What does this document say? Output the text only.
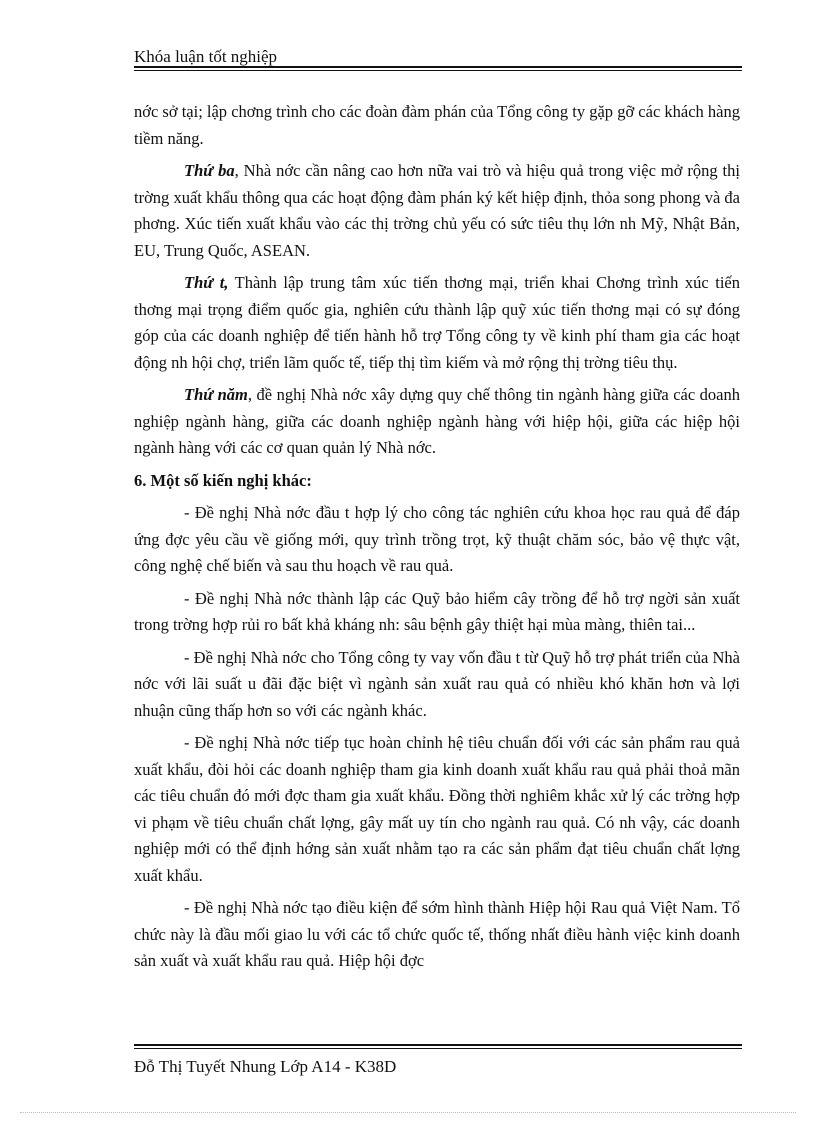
Khóa luận tốt nghiệp

nớc sở tại; lập chơng trình cho các đoàn đàm phán của Tổng công ty gặp gỡ các khách hàng tiềm năng.

Thứ ba, Nhà nớc cần nâng cao hơn nữa vai trò và hiệu quả trong việc mở rộng thị trờng xuất khẩu thông qua các hoạt động đàm phán ký kết hiệp định, thỏa song phong và đa phơng. Xúc tiến xuất khẩu vào các thị trờng chủ yếu có sức tiêu thụ lớn nh Mỹ, Nhật Bản, EU, Trung Quốc, ASEAN.

Thứ t, Thành lập trung tâm xúc tiến thơng mại, triển khai Chơng trình xúc tiến thơng mại trọng điểm quốc gia, nghiên cứu thành lập quỹ xúc tiến thơng mại có sự đóng góp của các doanh nghiệp để tiến hành hỗ trợ Tổng công ty về kinh phí tham gia các hoạt động nh hội chợ, triển lãm quốc tế, tiếp thị tìm kiếm và mở rộng thị trờng tiêu thụ.

Thứ năm, đề nghị Nhà nớc xây dựng quy chế thông tin ngành hàng giữa các doanh nghiệp ngành hàng, giữa các doanh nghiệp ngành hàng với hiệp hội, giữa các hiệp hội ngành hàng với các cơ quan quản lý Nhà nớc.

6. Một số kiến nghị khác:

- Đề nghị Nhà nớc đầu t hợp lý cho công tác nghiên cứu khoa học rau quả để đáp ứng đợc yêu cầu về giống mới, quy trình trồng trọt, kỹ thuật chăm sóc, bảo vệ thực vật, công nghệ chế biến và sau thu hoạch về rau quả.

- Đề nghị Nhà nớc thành lập các Quỹ bảo hiểm cây trồng để hỗ trợ ngời sản xuất trong trờng hợp rủi ro bất khả kháng nh: sâu bệnh gây thiệt hại mùa màng, thiên tai...

- Đề nghị Nhà nớc cho Tổng công ty vay vốn đầu t từ Quỹ hỗ trợ phát triển của Nhà nớc với lãi suất u đãi đặc biệt vì ngành sản xuất rau quả có nhiều khó khăn hơn và lợi nhuận cũng thấp hơn so với các ngành khác.

- Đề nghị Nhà nớc tiếp tục hoàn chỉnh hệ tiêu chuẩn đối với các sản phẩm rau quả xuất khẩu, đòi hỏi các doanh nghiệp tham gia kinh doanh xuất khẩu rau quả phải thoả mãn các tiêu chuẩn đó mới đợc tham gia xuất khẩu. Đồng thời nghiêm khắc xử lý các trờng hợp vi phạm về tiêu chuẩn chất lợng, gây mất uy tín cho ngành rau quả. Có nh vậy, các doanh nghiệp mới có thể định hớng sản xuất nhằm tạo ra các sản phẩm đạt tiêu chuẩn chất lợng xuất khẩu.

- Đề nghị Nhà nớc tạo điều kiện để sớm hình thành Hiệp hội Rau quả Việt Nam. Tổ chức này là đầu mối giao lu với các tổ chức quốc tế, thống nhất điều hành việc kinh doanh sản xuất và xuất khẩu rau quả. Hiệp hội đợc

Đỗ Thị Tuyết Nhung Lớp A14 - K38D
